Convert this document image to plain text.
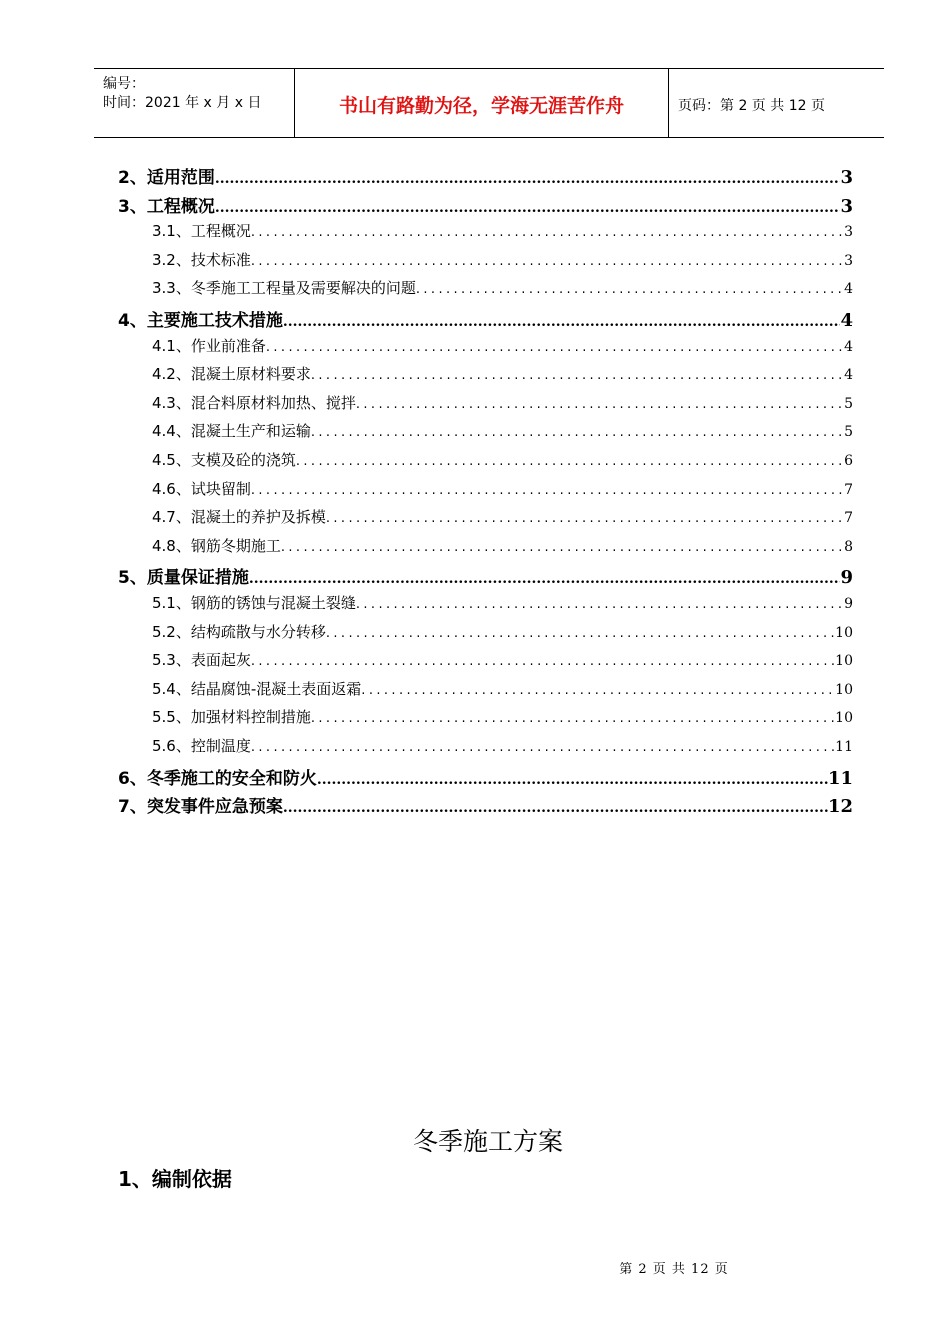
编号：
时间：2021 年 x 月 x 日	书山有路勤为径，学海无涯苦作舟	页码：第 2 页 共 12 页
2、适用范围 .....	3
3、工程概况 .....	3
3.1、工程概况 .....	3
3.2、技术标准 .....	3
3.3、冬季施工工程量及需要解决的问题 .....	4
4、主要施工技术措施 .....	4
4.1、作业前准备 .....	4
4.2、混凝土原材料要求 .....	4
4.3、混合料原材料加热、搅拌 .....	5
4.4、混凝土生产和运输 .....	5
4.5、支模及砼的浇筑 .....	6
4.6、试块留制 .....	7
4.7、混凝土的养护及拆模 .....	7
4.8、钢筋冬期施工 .....	8
5、质量保证措施 .....	9
5.1、钢筋的锈蚀与混凝土裂缝 .....	9
5.2、结构疏散与水分转移 .....	10
5.3、表面起灰 .....	10
5.4、结晶腐蚀-混凝土表面返霜 .....	10
5.5、加强材料控制措施 .....	10
5.6、控制温度 .....	11
6、冬季施工的安全和防火 .....	11
7、突发事件应急预案 .....	12
冬季施工方案
1、编制依据
第 2 页 共 12 页
